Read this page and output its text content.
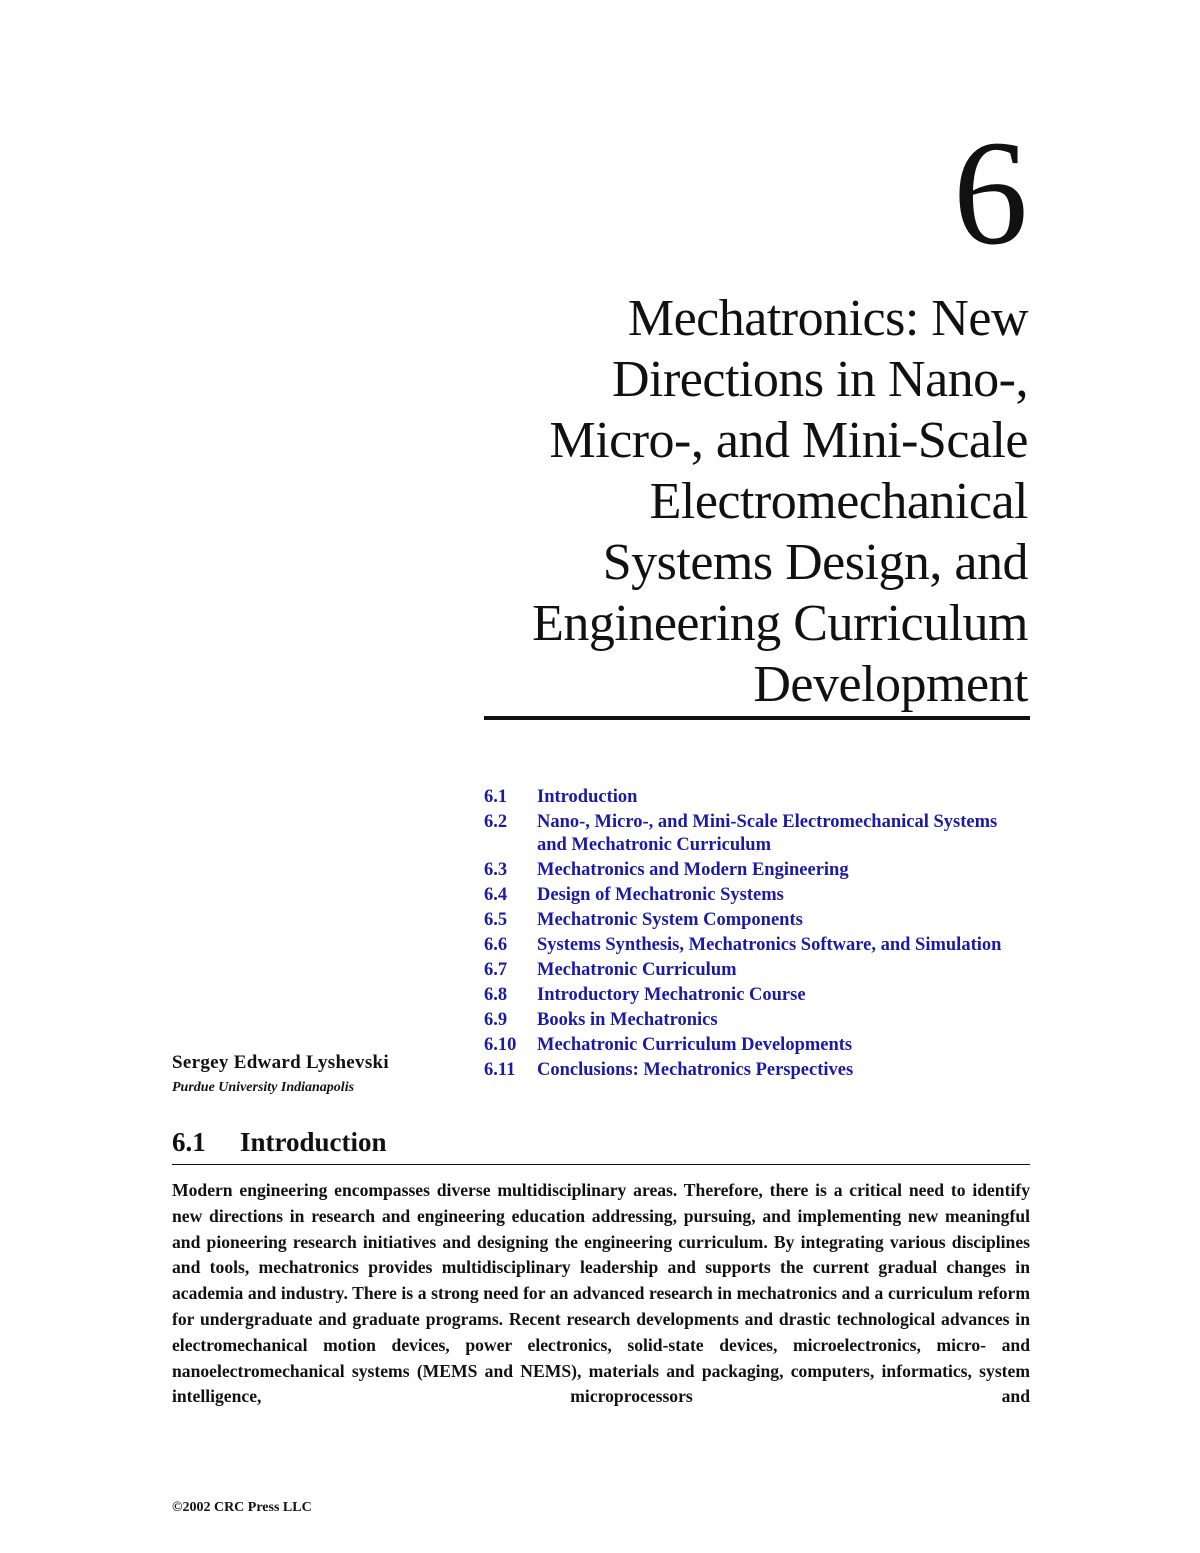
6
Mechatronics: New
Directions in Nano-,
Micro-, and Mini-Scale
Electromechanical
Systems Design, and
Engineering Curriculum
Development
6.1	Introduction
6.2	Nano-, Micro-, and Mini-Scale Electromechanical Systems and Mechatronic Curriculum
6.3	Mechatronics and Modern Engineering
6.4	Design of Mechatronic Systems
6.5	Mechatronic System Components
6.6	Systems Synthesis, Mechatronics Software, and Simulation
6.7	Mechatronic Curriculum
6.8	Introductory Mechatronic Course
6.9	Books in Mechatronics
6.10	Mechatronic Curriculum Developments
6.11	Conclusions: Mechatronics Perspectives
Sergey Edward Lyshevski
Purdue University Indianapolis
6.1 Introduction

Modern engineering encompasses diverse multidisciplinary areas. Therefore, there is a critical need to identify new directions in research and engineering education addressing, pursuing, and implementing new meaningful and pioneering research initiatives and designing the engineering curriculum. By integrating various disciplines and tools, mechatronics provides multidisciplinary leadership and supports the current gradual changes in academia and industry. There is a strong need for an advanced research in mechatronics and a curriculum reform for undergraduate and graduate programs. Recent research developments and drastic technological advances in electromechanical motion devices, power electronics, solid-state devices, microelectronics, micro- and nanoelectromechanical systems (MEMS and NEMS), materials and packaging, computers, informatics, system intelligence, microprocessors and

©2002 CRC Press LLC
